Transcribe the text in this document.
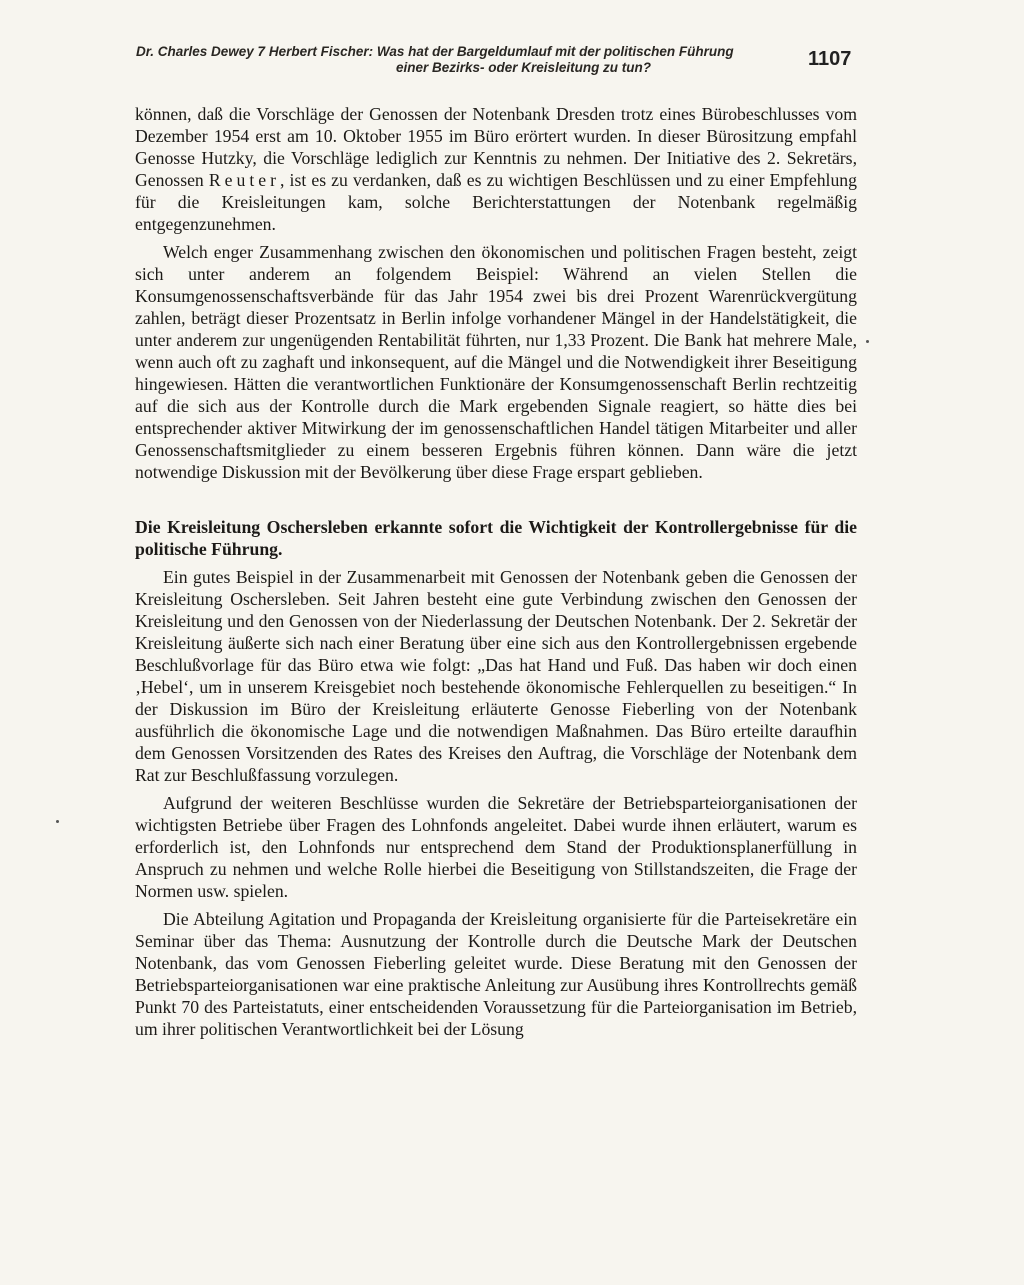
Dr. Charles Dewey 7 Herbert Fischer: Was hat der Bargeldumlauf mit der politischen Führung
einer Bezirks- oder Kreisleitung zu tun?	1107

können, daß die Vorschläge der Genossen der Notenbank Dresden trotz eines Bürobeschlusses vom Dezember 1954 erst am 10. Oktober 1955 im Büro erörtert wurden. In dieser Bürositzung empfahl Genosse Hutzky, die Vorschläge lediglich zur Kenntnis zu nehmen. Der Initiative des 2. Sekretärs, Genossen Reuter, ist es zu verdanken, daß es zu wichtigen Beschlüssen und zu einer Empfehlung für die Kreisleitungen kam, solche Berichterstattungen der Notenbank regelmäßig entgegenzunehmen.

Welch enger Zusammenhang zwischen den ökonomischen und politischen Fragen besteht, zeigt sich unter anderem an folgendem Beispiel: Während an vielen Stellen die Konsumgenossenschaftsverbände für das Jahr 1954 zwei bis drei Prozent Warenrückvergütung zahlen, beträgt dieser Prozentsatz in Berlin infolge vorhandener Mängel in der Handelstätigkeit, die unter anderem zur ungenügenden Rentabilität führten, nur 1,33 Prozent. Die Bank hat mehrere Male, wenn auch oft zu zaghaft und inkonsequent, auf die Mängel und die Notwendigkeit ihrer Beseitigung hingewiesen. Hätten die verantwortlichen Funktionäre der Konsumgenossenschaft Berlin rechtzeitig auf die sich aus der Kontrolle durch die Mark ergebenden Signale reagiert, so hätte dies bei entsprechender aktiver Mitwirkung der im genossenschaftlichen Handel tätigen Mitarbeiter und aller Genossenschaftsmitglieder zu einem besseren Ergebnis führen können. Dann wäre die jetzt notwendige Diskussion mit der Bevölkerung über diese Frage erspart geblieben.

Die Kreisleitung Oschersleben erkannte sofort die Wichtigkeit der Kontrollergebnisse für die politische Führung.

Ein gutes Beispiel in der Zusammenarbeit mit Genossen der Notenbank geben die Genossen der Kreisleitung Oschersleben. Seit Jahren besteht eine gute Verbindung zwischen den Genossen der Kreisleitung und den Genossen von der Niederlassung der Deutschen Notenbank. Der 2. Sekretär der Kreisleitung äußerte sich nach einer Beratung über eine sich aus den Kontrollergebnissen ergebende Beschlußvorlage für das Büro etwa wie folgt: „Das hat Hand und Fuß. Das haben wir doch einen ‚Hebel‘, um in unserem Kreisgebiet noch bestehende ökonomische Fehlerquellen zu beseitigen.“ In der Diskussion im Büro der Kreisleitung erläuterte Genosse Fieberling von der Notenbank ausführlich die ökonomische Lage und die notwendigen Maßnahmen. Das Büro erteilte daraufhin dem Genossen Vorsitzenden des Rates des Kreises den Auftrag, die Vorschläge der Notenbank dem Rat zur Beschlußfassung vorzulegen.

Aufgrund der weiteren Beschlüsse wurden die Sekretäre der Betriebsparteiorganisationen der wichtigsten Betriebe über Fragen des Lohnfonds angeleitet. Dabei wurde ihnen erläutert, warum es erforderlich ist, den Lohnfonds nur entsprechend dem Stand der Produktionsplanerfüllung in Anspruch zu nehmen und welche Rolle hierbei die Beseitigung von Stillstandszeiten, die Frage der Normen usw. spielen.

Die Abteilung Agitation und Propaganda der Kreisleitung organisierte für die Parteisekretäre ein Seminar über das Thema: Ausnutzung der Kontrolle durch die Deutsche Mark der Deutschen Notenbank, das vom Genossen Fieberling geleitet wurde. Diese Beratung mit den Genossen der Betriebsparteiorganisationen war eine praktische Anleitung zur Ausübung ihres Kontrollrechts gemäß Punkt 70 des Parteistatuts, einer entscheidenden Voraussetzung für die Parteiorganisation im Betrieb, um ihrer politischen Verantwortlichkeit bei der Lösung
